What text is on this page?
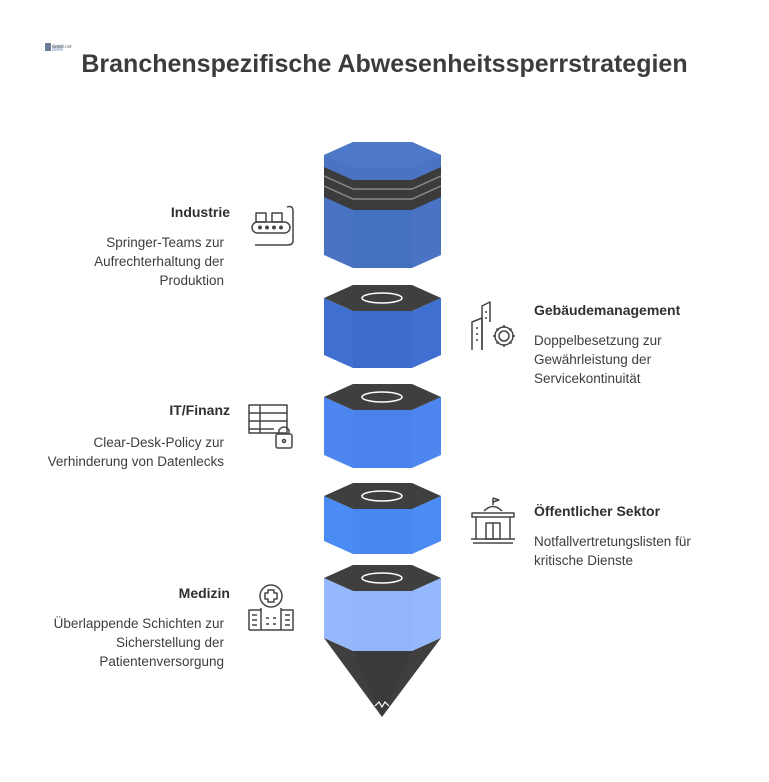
Gmidi.net
Branchenspezifische Abwesenheitssperrstrategien
Industrie
Springer-Teams zur Aufrechterhaltung der Produktion
Gebäudemanagement
Doppelbesetzung zur Gewährleistung der Servicekontinuität
IT/Finanz
Clear-Desk-Policy zur Verhinderung von Datenlecks
Öffentlicher Sektor
Notfallvertretungslisten für kritische Dienste
Medizin
Überlappende Schichten zur Sicherstellung der Patientenversorgung
